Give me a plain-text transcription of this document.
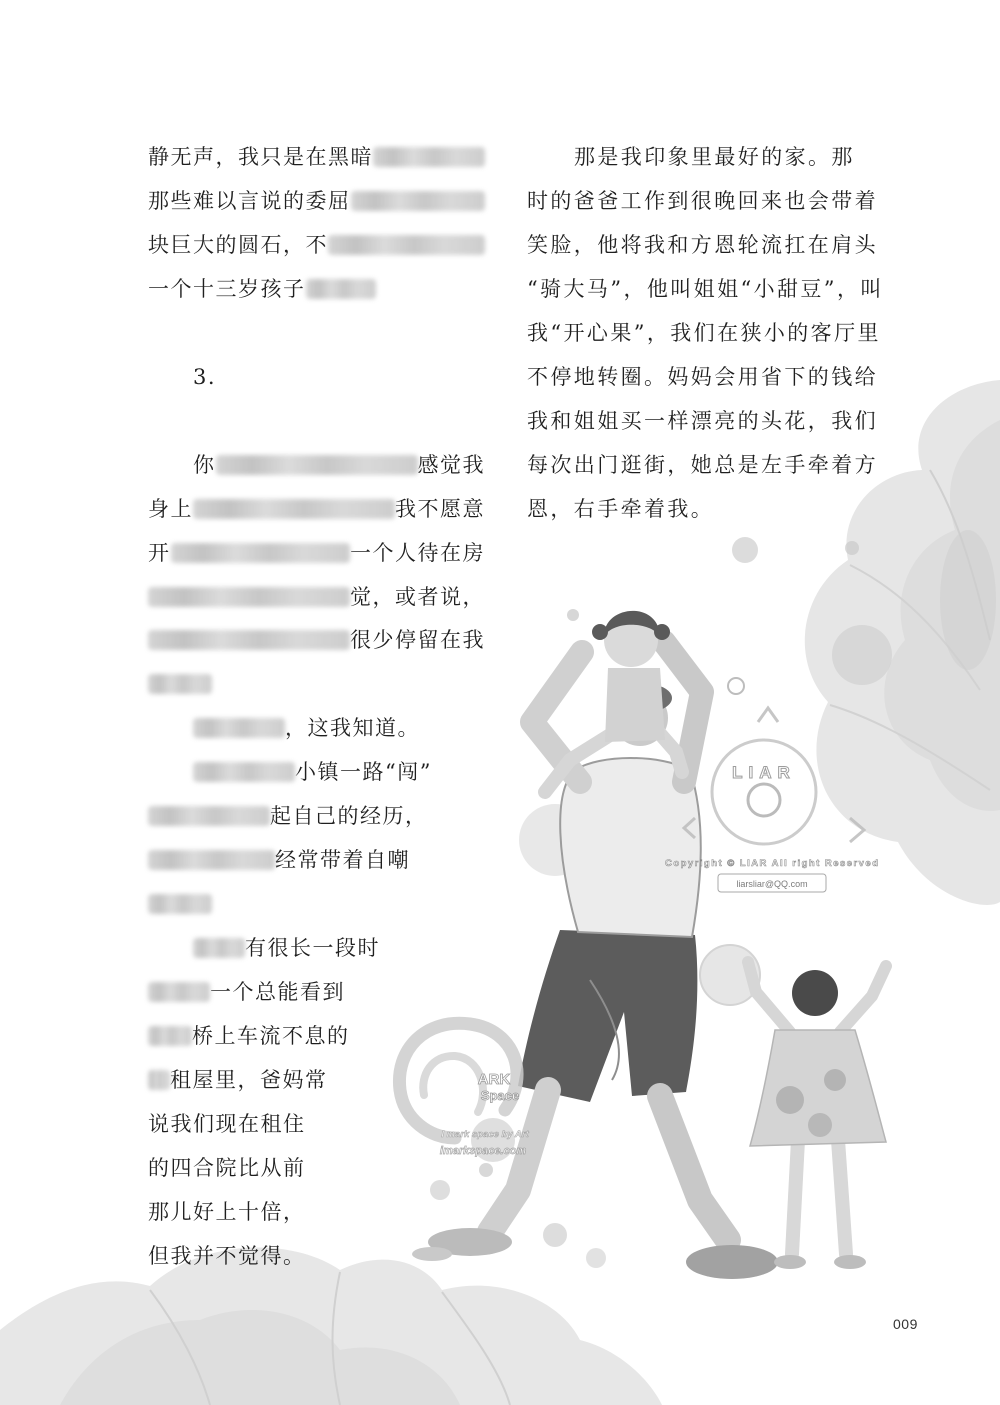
LIAR
Copyright © LIAR All right Reserved
liarsliar@QQ.com
ARK
Space
I mark space by Art
imarkspace.com
静无声，我只是在黑暗
那些难以言说的委屈
块巨大的圆石，不
一个十三岁孩子
3.
你	感觉我
身上	我不愿意
开	一个人待在房
觉，或者说，
很少停留在我
，这我知道。
小镇一路“闯”
起自己的经历，
经常带着自嘲
有很长一段时
一个总能看到
桥上车流不息的
租屋里，爸妈常
说我们现在租住
的四合院比从前
那儿好上十倍，
但我并不觉得。
那是我印象里最好的家。那
时的爸爸工作到很晚回来也会带着
笑脸，他将我和方恩轮流扛在肩头
“骑大马”，他叫姐姐“小甜豆”，叫
我“开心果”，我们在狭小的客厅里
不停地转圈。妈妈会用省下的钱给
我和姐姐买一样漂亮的头花，我们
每次出门逛街，她总是左手牵着方
恩，右手牵着我。
009
